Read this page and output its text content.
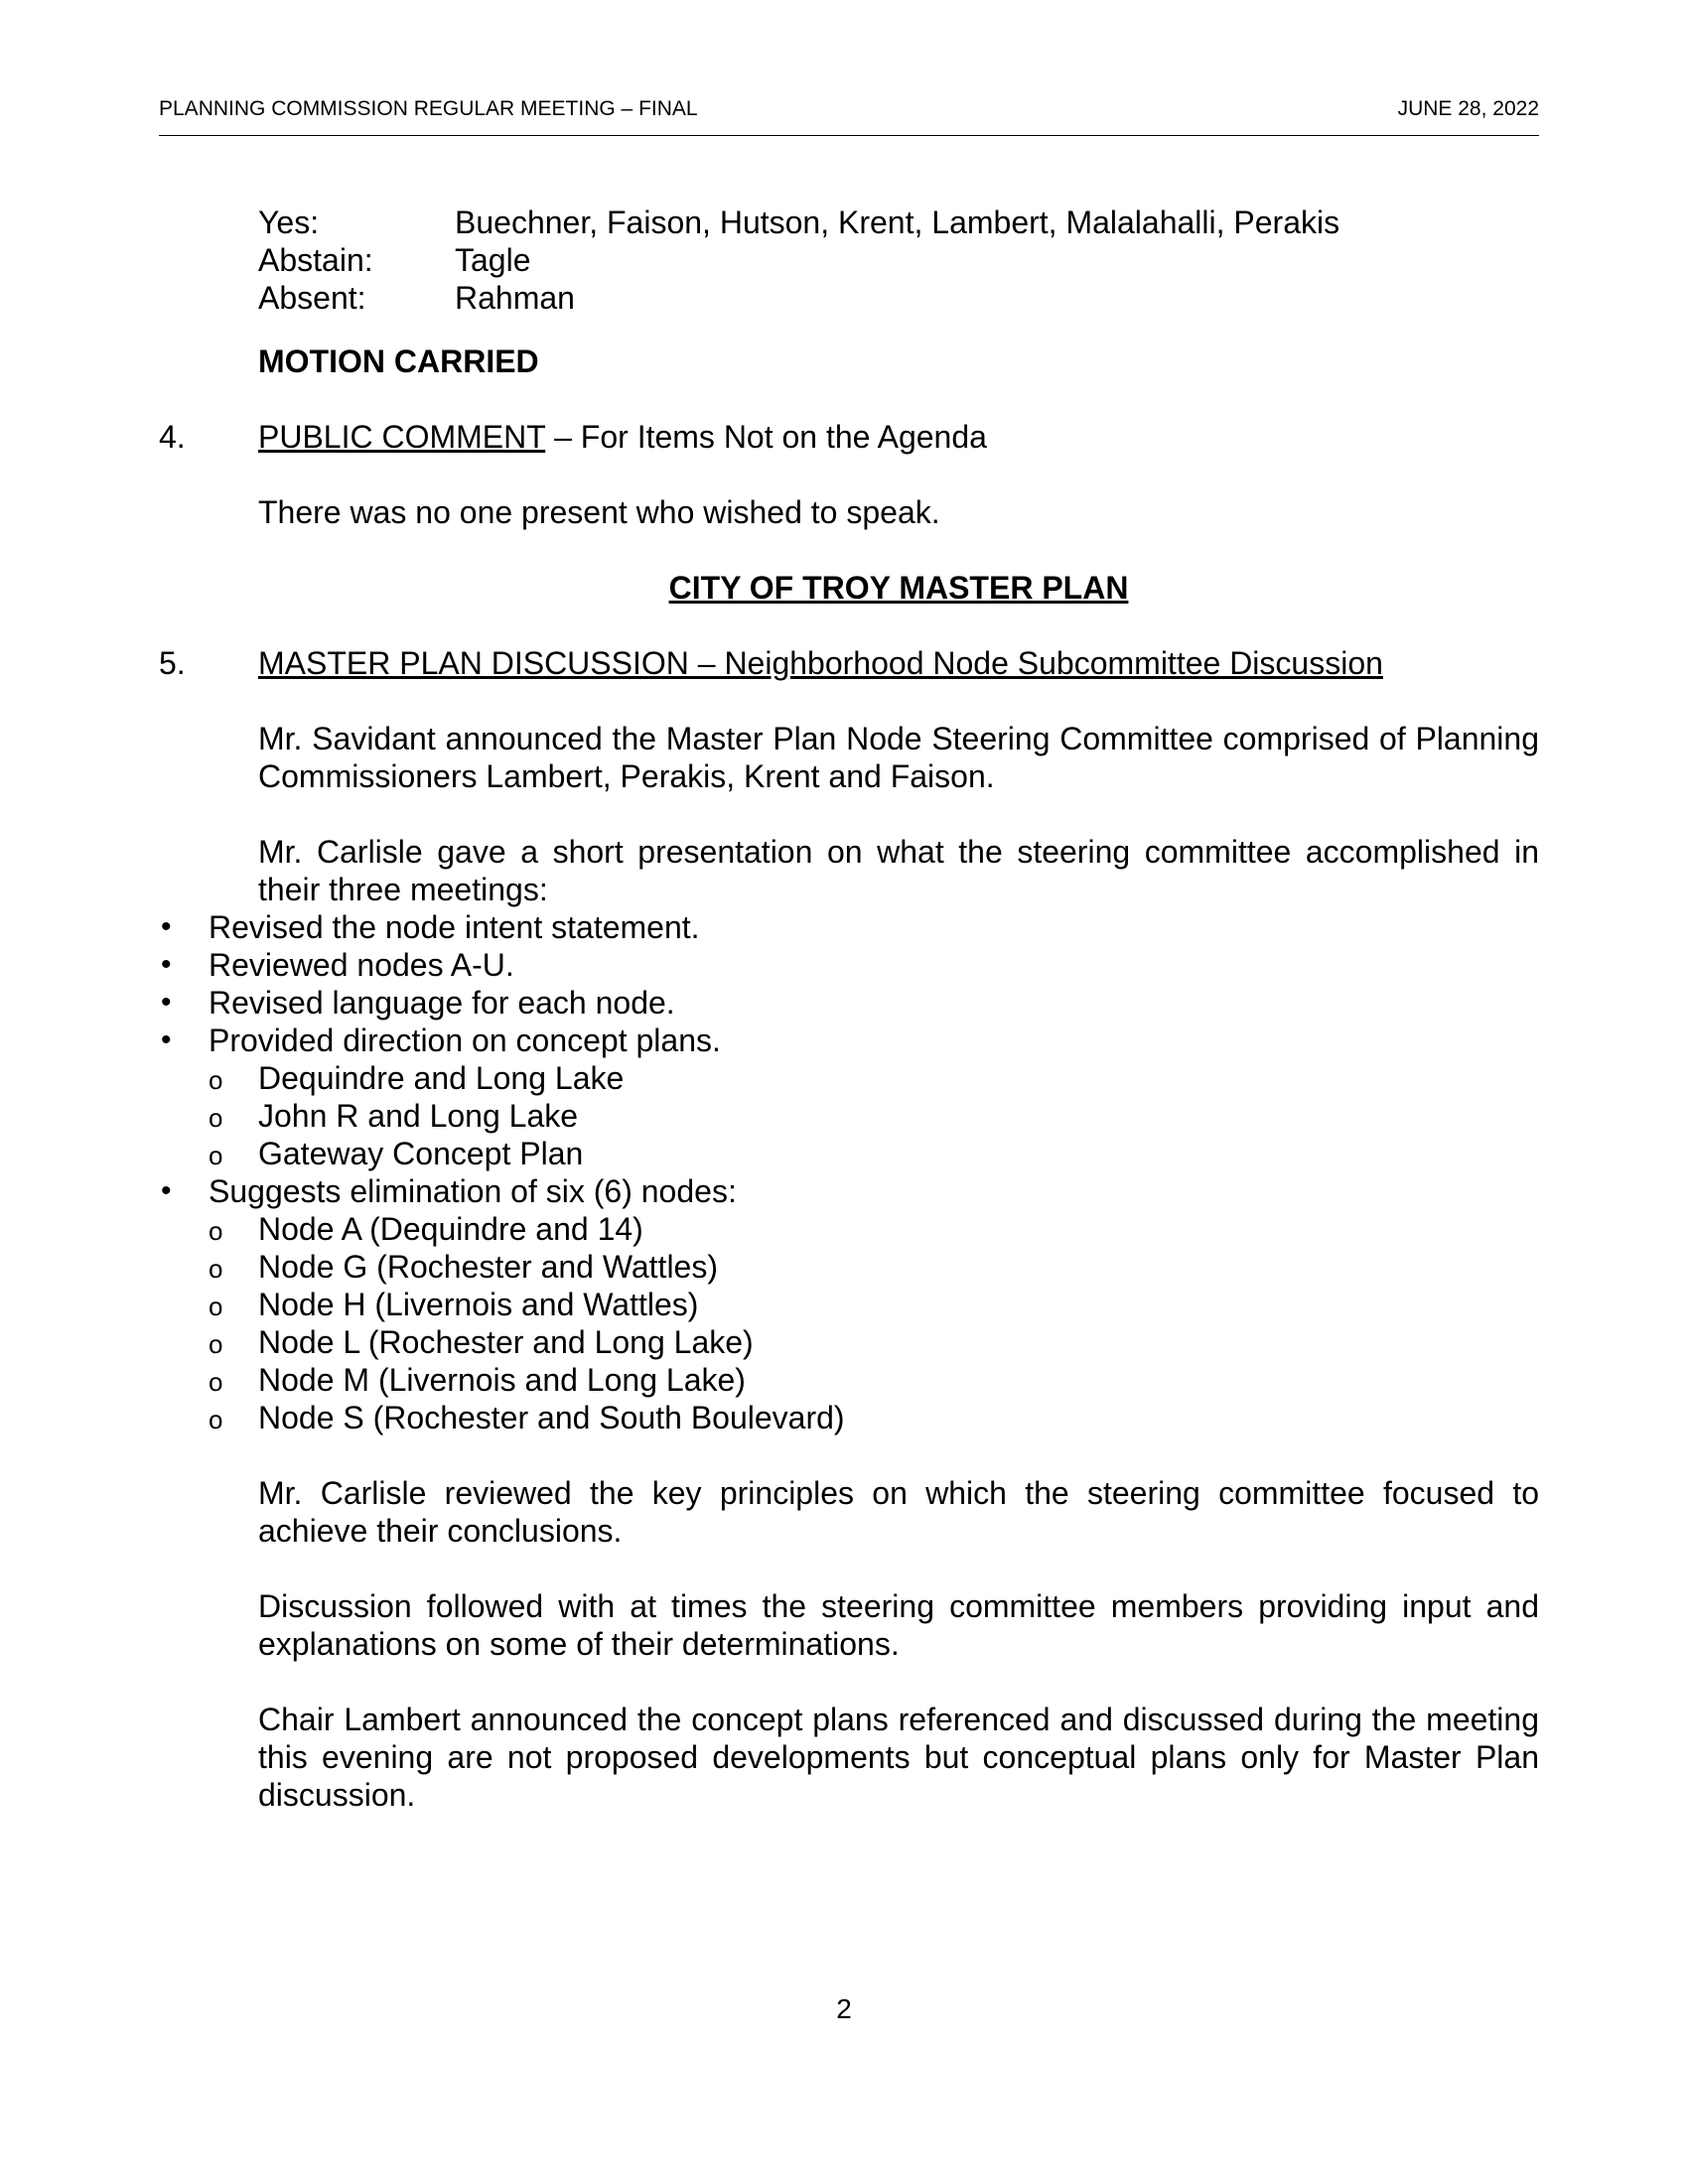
PLANNING COMMISSION REGULAR MEETING – FINAL	JUNE 28, 2022
Yes:	Buechner, Faison, Hutson, Krent, Lambert, Malalahalli, Perakis
Abstain:	Tagle
Absent:	Rahman

MOTION CARRIED

4.	PUBLIC COMMENT – For Items Not on the Agenda

There was no one present who wished to speak.

CITY OF TROY MASTER PLAN

5.	MASTER PLAN DISCUSSION – Neighborhood Node Subcommittee Discussion

Mr. Savidant announced the Master Plan Node Steering Committee comprised of Planning Commissioners Lambert, Perakis, Krent and Faison.

Mr. Carlisle gave a short presentation on what the steering committee accomplished in their three meetings:

• Revised the node intent statement.
• Reviewed nodes A-U.
• Revised language for each node.
• Provided direction on concept plans.
o Dequindre and Long Lake
o John R and Long Lake
o Gateway Concept Plan
• Suggests elimination of six (6) nodes:
o Node A (Dequindre and 14)
o Node G (Rochester and Wattles)
o Node H (Livernois and Wattles)
o Node L (Rochester and Long Lake)
o Node M (Livernois and Long Lake)
o Node S (Rochester and South Boulevard)

Mr. Carlisle reviewed the key principles on which the steering committee focused to achieve their conclusions.

Discussion followed with at times the steering committee members providing input and explanations on some of their determinations.

Chair Lambert announced the concept plans referenced and discussed during the meeting this evening are not proposed developments but conceptual plans only for Master Plan discussion.

2
